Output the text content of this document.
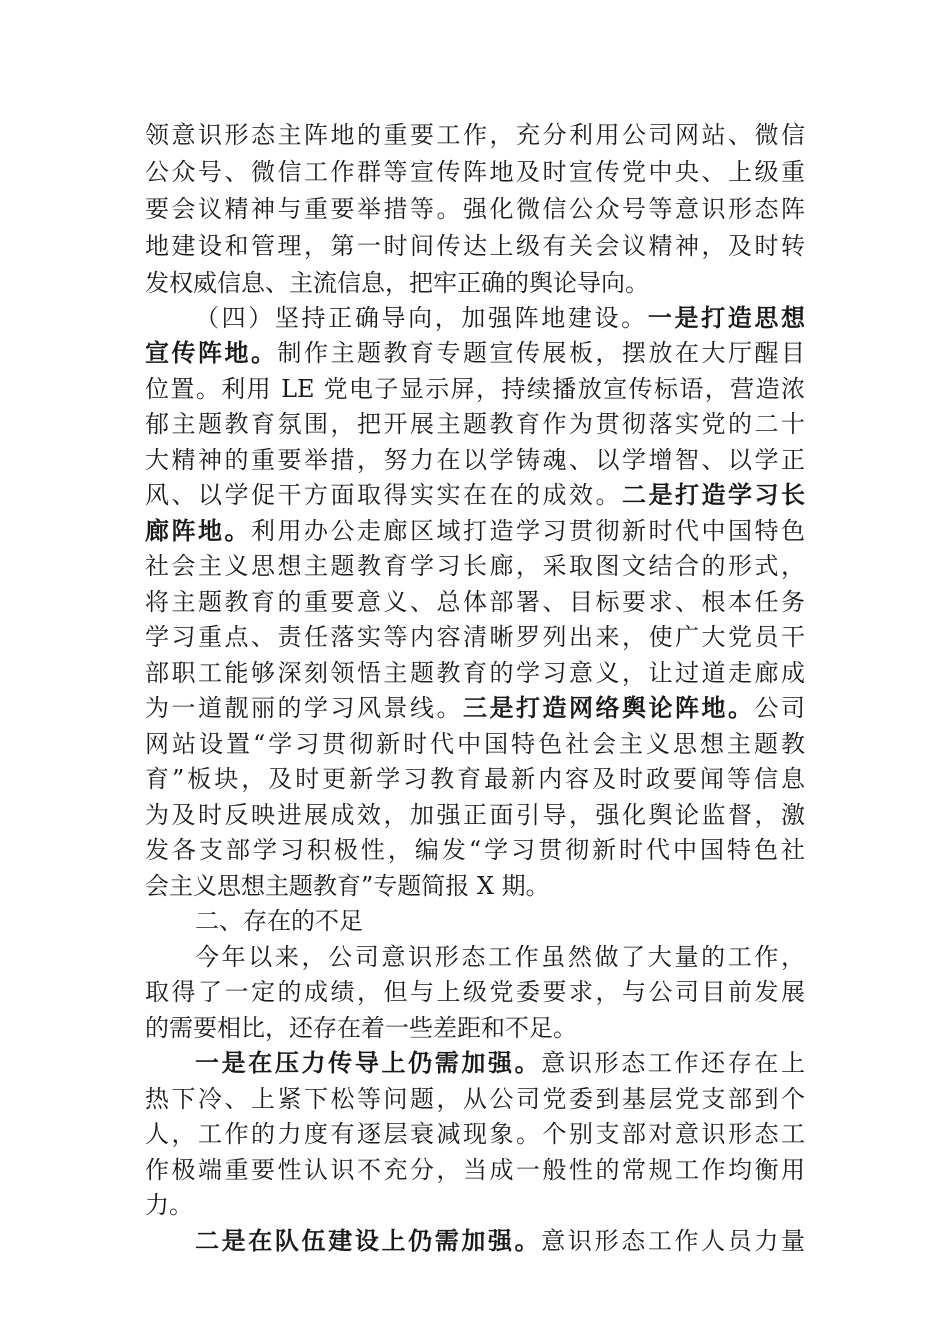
领意识形态主阵地的重要工作，充分利用公司网站、微信
公众号、微信工作群等宣传阵地及时宣传党中央、上级重
要会议精神与重要举措等。强化微信公众号等意识形态阵
地建设和管理，第一时间传达上级有关会议精神，及时转
发权威信息、主流信息，把牢正确的舆论导向。
（四）坚持正确导向，加强阵地建设。一是打造思想
宣传阵地。制作主题教育专题宣传展板，摆放在大厅醒目
位置。利用 LE 党电子显示屏，持续播放宣传标语，营造浓
郁主题教育氛围，把开展主题教育作为贯彻落实党的二十
大精神的重要举措，努力在以学铸魂、以学增智、以学正
风、以学促干方面取得实实在在的成效。二是打造学习长
廊阵地。利用办公走廊区域打造学习贯彻新时代中国特色
社会主义思想主题教育学习长廊，采取图文结合的形式，
将主题教育的重要意义、总体部署、目标要求、根本任务
学习重点、责任落实等内容清晰罗列出来，使广大党员干
部职工能够深刻领悟主题教育的学习意义，让过道走廊成
为一道靓丽的学习风景线。三是打造网络舆论阵地。公司
网站设置“学习贯彻新时代中国特色社会主义思想主题教
育”板块，及时更新学习教育最新内容及时政要闻等信息
为及时反映进展成效，加强正面引导，强化舆论监督，激
发各支部学习积极性，编发“学习贯彻新时代中国特色社
会主义思想主题教育”专题简报 X 期。
二、存在的不足
今年以来，公司意识形态工作虽然做了大量的工作，
取得了一定的成绩，但与上级党委要求，与公司目前发展
的需要相比，还存在着一些差距和不足。
一是在压力传导上仍需加强。意识形态工作还存在上
热下冷、上紧下松等问题，从公司党委到基层党支部到个
人，工作的力度有逐层衰减现象。个别支部对意识形态工
作极端重要性认识不充分，当成一般性的常规工作均衡用
力。
二是在队伍建设上仍需加强。意识形态工作人员力量
